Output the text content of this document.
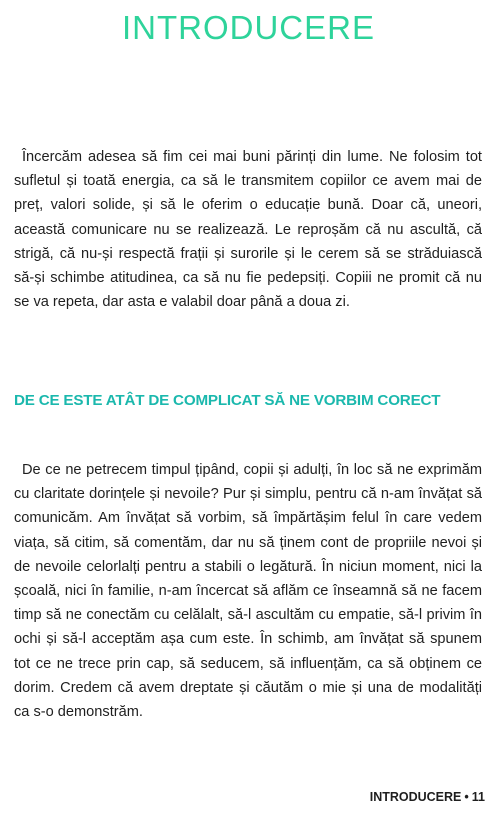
INTRODUCERE

Încercăm adesea să fim cei mai buni părinți din lume. Ne folosim tot sufletul și toată energia, ca să le transmitem copiilor ce avem mai de preț, valori solide, și să le oferim o educație bună. Doar că, uneori, această comunicare nu se realizează. Le reproșăm că nu ascultă, că strigă, că nu-și respectă frații și surorile și le cerem să se străduiască să-și schimbe atitudinea, ca să nu fie pedepsiți. Copiii ne promit că nu se va repeta, dar asta e valabil doar până a doua zi.

DE CE ESTE ATÂT DE COMPLICAT SĂ NE VORBIM CORECT

De ce ne petrecem timpul țipând, copii și adulți, în loc să ne exprimăm cu claritate dorințele și nevoile? Pur și simplu, pentru că n-am învățat să comunicăm. Am învățat să vorbim, să împărtășim felul în care vedem viața, să citim, să comentăm, dar nu să ținem cont de propriile nevoi și de nevoile celorlalți pentru a stabili o legătură. În niciun moment, nici la școală, nici în familie, n-am încercat să aflăm ce înseamnă să ne facem timp să ne conectăm cu celălalt, să-l ascultăm cu empatie, să-l privim în ochi și să-l acceptăm așa cum este. În schimb, am învățat să spunem tot ce ne trece prin cap, să seducem, să influențăm, ca să obținem ce dorim. Credem că avem dreptate și căutăm o mie și una de modalități ca s-o demonstrăm.

INTRODUCERE • 11
